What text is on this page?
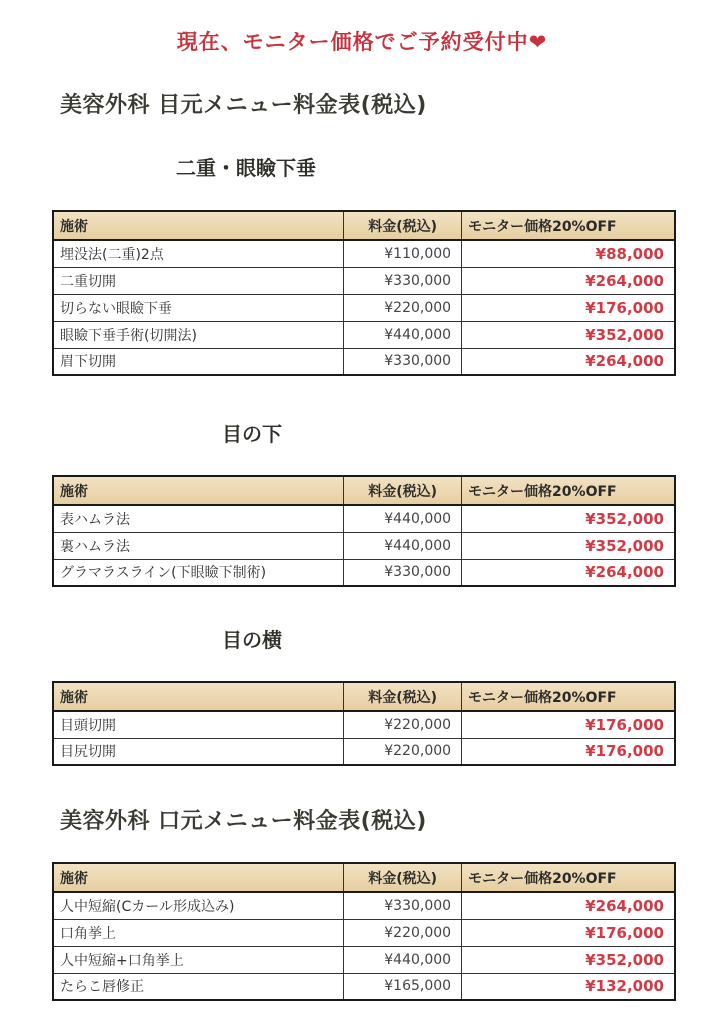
現在、モニター価格でご予約受付中❤
美容外科 目元メニュー料金表(税込)
二重・眼瞼下垂
施術	料金(税込)	モニター価格20%OFF
埋没法(二重)2点	¥110,000	¥88,000
二重切開	¥330,000	¥264,000
切らない眼瞼下垂	¥220,000	¥176,000
眼瞼下垂手術(切開法)	¥440,000	¥352,000
眉下切開	¥330,000	¥264,000
目の下
施術	料金(税込)	モニター価格20%OFF
表ハムラ法	¥440,000	¥352,000
裏ハムラ法	¥440,000	¥352,000
グラマラスライン(下眼瞼下制術)	¥330,000	¥264,000
目の横
施術	料金(税込)	モニター価格20%OFF
目頭切開	¥220,000	¥176,000
目尻切開	¥220,000	¥176,000
美容外科 口元メニュー料金表(税込)
施術	料金(税込)	モニター価格20%OFF
人中短縮(Cカール形成込み)	¥330,000	¥264,000
口角挙上	¥220,000	¥176,000
人中短縮+口角挙上	¥440,000	¥352,000
たらこ唇修正	¥165,000	¥132,000
